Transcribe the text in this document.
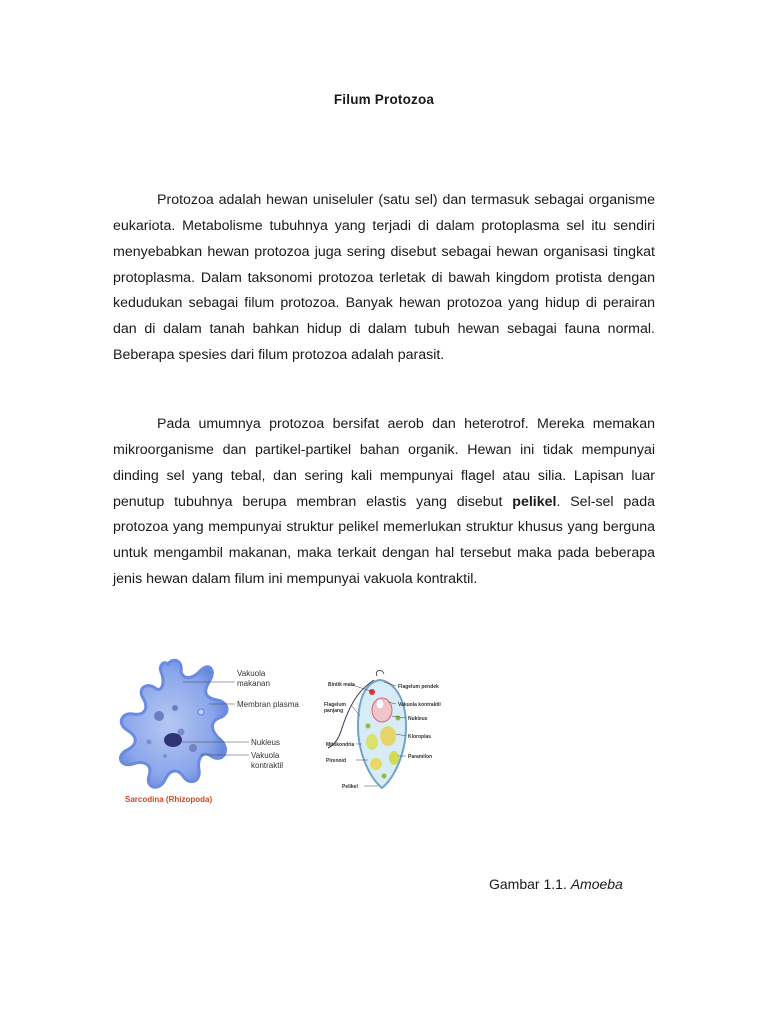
Filum Protozoa

Protozoa adalah hewan uniseluler (satu sel) dan termasuk sebagai organisme eukariota. Metabolisme tubuhnya yang terjadi di dalam protoplasma sel itu sendiri menyebabkan hewan protozoa juga sering disebut sebagai hewan organisasi tingkat protoplasma. Dalam taksonomi protozoa terletak di bawah kingdom protista dengan kedudukan sebagai filum protozoa. Banyak hewan protozoa yang hidup di perairan dan di dalam tanah bahkan hidup di dalam tubuh hewan sebagai fauna normal. Beberapa spesies dari filum protozoa adalah parasit.

Pada umumnya protozoa bersifat aerob dan heterotrof. Mereka memakan mikroorganisme dan partikel-partikel bahan organik. Hewan ini tidak mempunyai dinding sel yang tebal, dan sering kali mempunyai flagel atau silia. Lapisan luar penutup tubuhnya berupa membran elastis yang disebut pelikel. Sel-sel pada protozoa yang mempunyai struktur pelikel memerlukan struktur khusus yang berguna untuk mengambil makanan, maka terkait dengan hal tersebut maka pada beberapa jenis hewan dalam filum ini mempunyai vakuola kontraktil.

Vakuola
makanan
Membran plasma
Nukleus
Vakuola
kontraktil
Sarcodina (Rhizopoda)
Bintik mata	Flagelum pendek
Flagelum
panjang
Vakuola kontraktil
Nukleus
Kloroplas
Mitokondria
Paramilon
Pirenoid
Pelikel
Gambar 1.1. Amoeba
